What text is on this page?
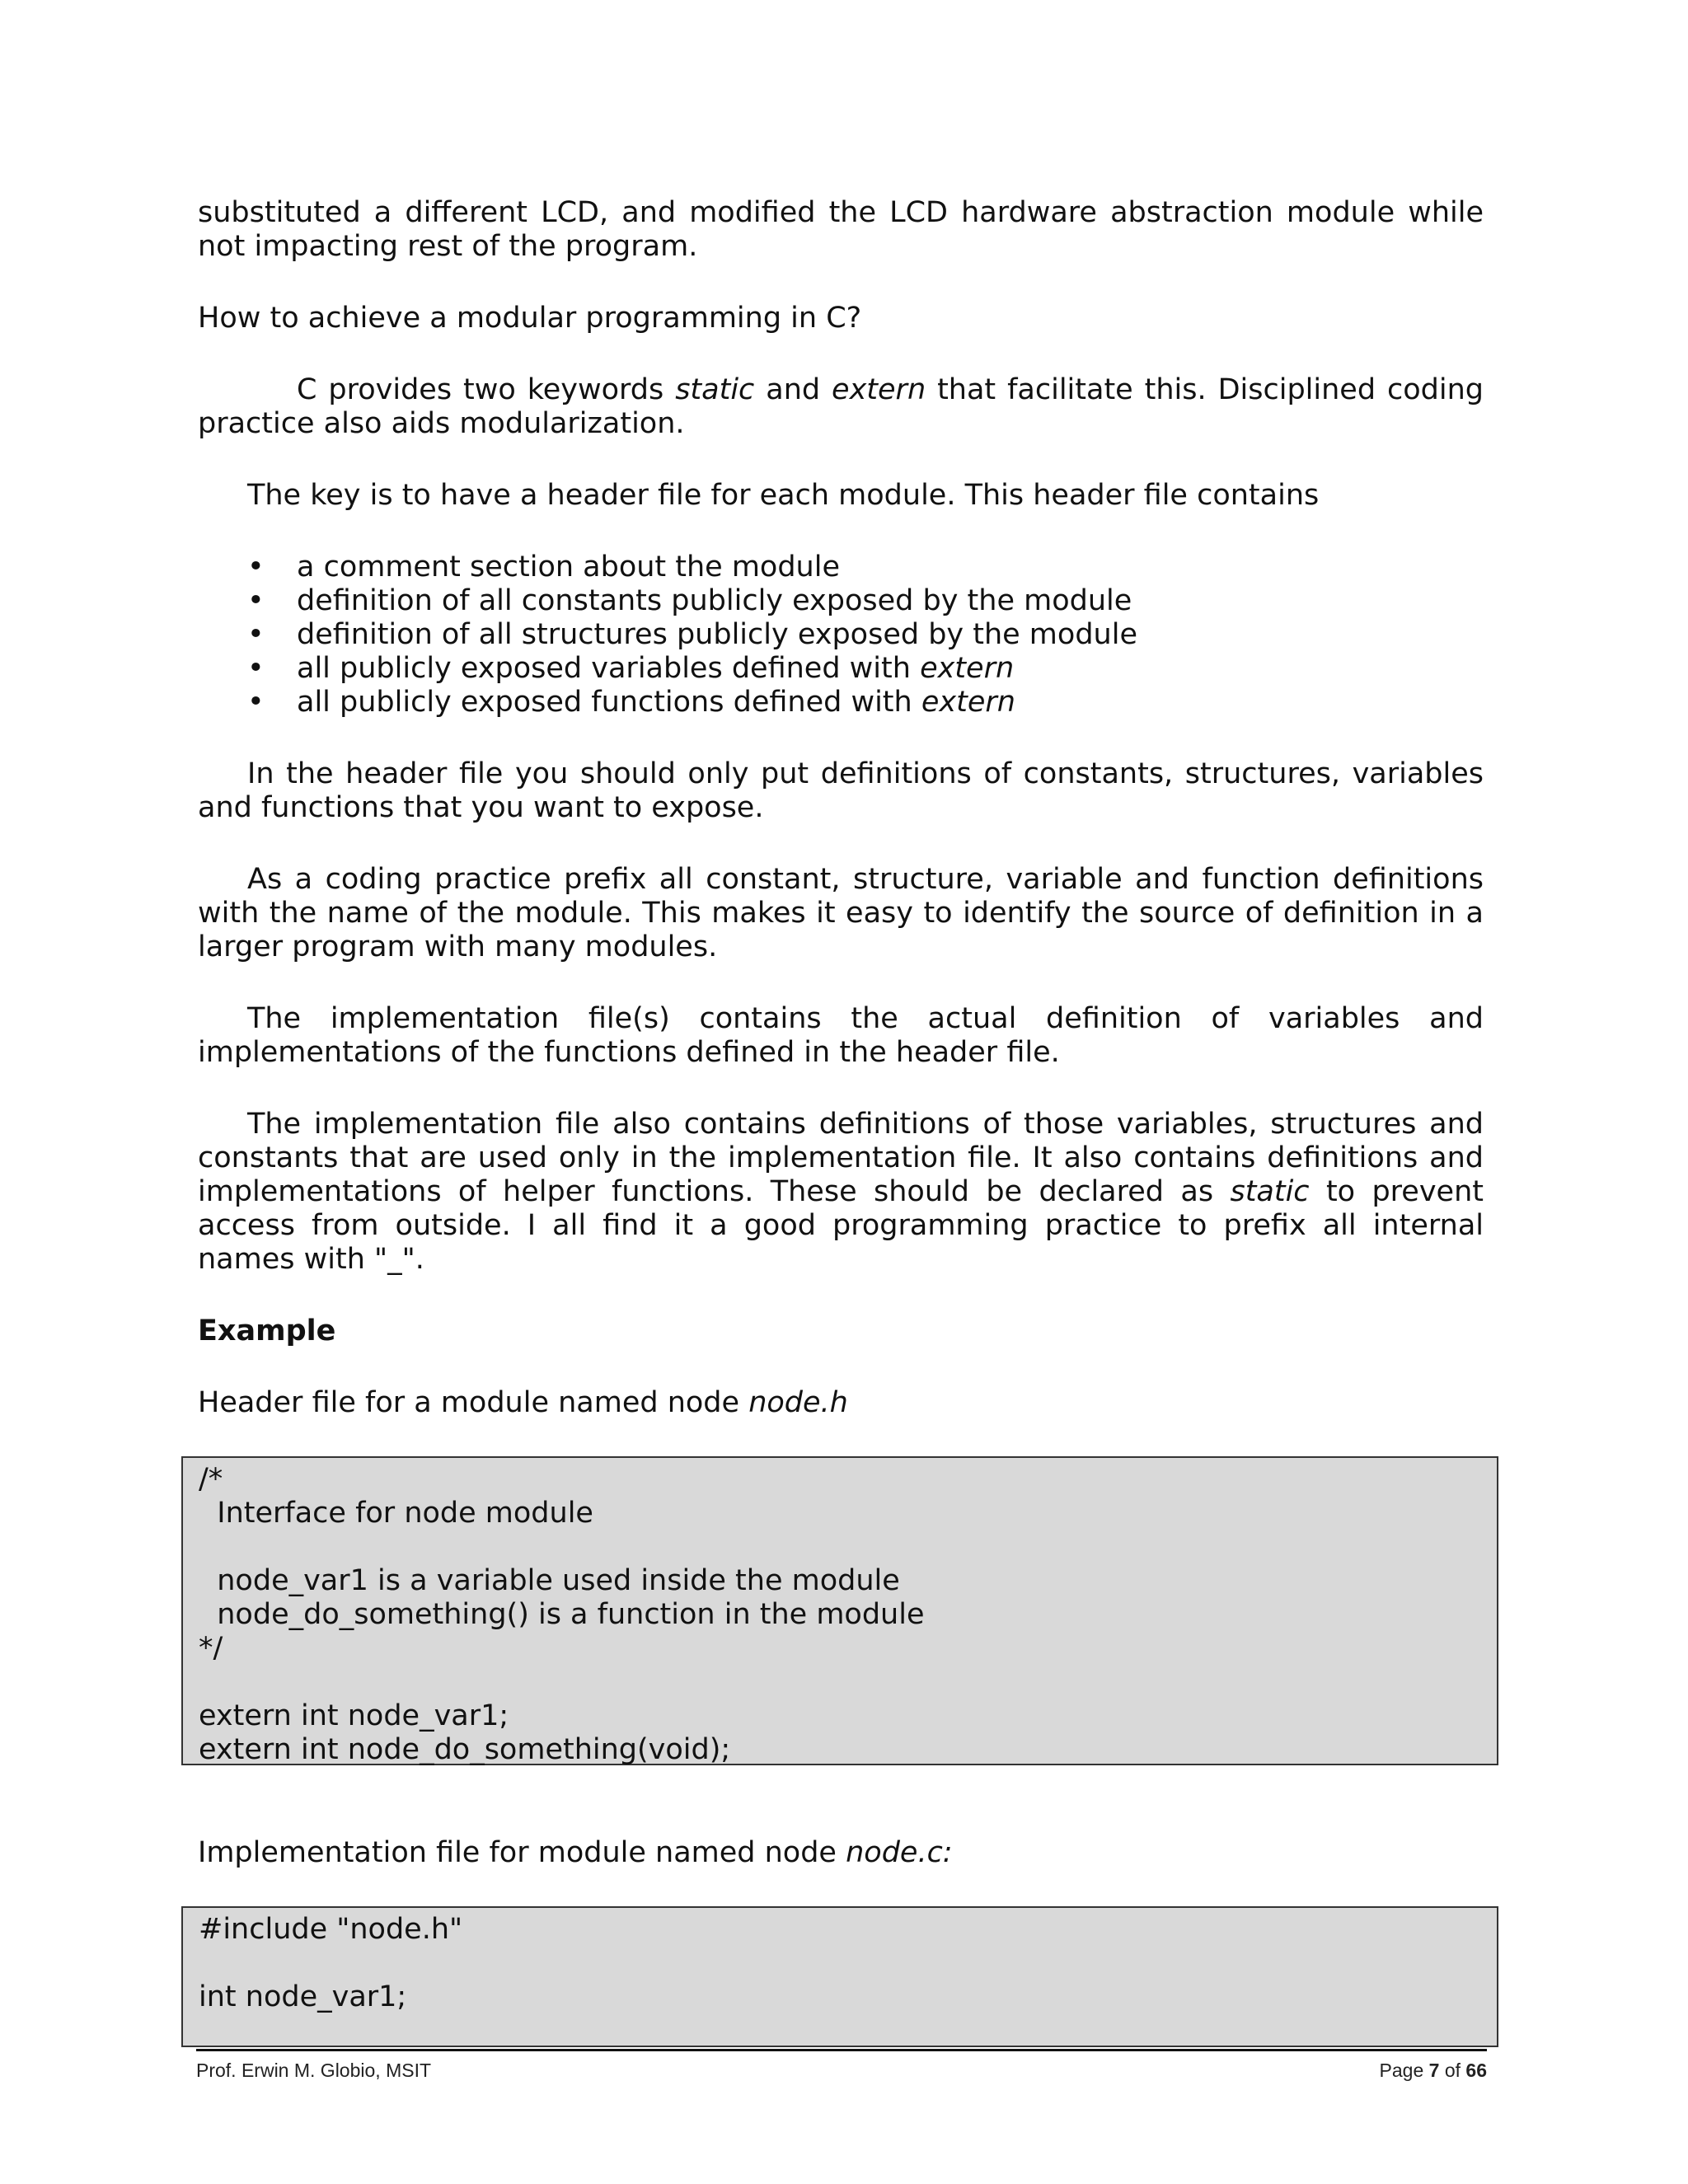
substituted a different LCD, and modified the LCD hardware abstraction module while not impacting rest of the program.

How to achieve a modular programming in C?

C provides two keywords static and extern that facilitate this. Disciplined coding practice also aids modularization.

The key is to have a header file for each module. This header file contains

• a comment section about the module
• definition of all constants publicly exposed by the module
• definition of all structures publicly exposed by the module
• all publicly exposed variables defined with extern
• all publicly exposed functions defined with extern

In the header file you should only put definitions of constants, structures, variables and functions that you want to expose.

As a coding practice prefix all constant, structure, variable and function definitions with the name of the module. This makes it easy to identify the source of definition in a larger program with many modules.

The implementation file(s) contains the actual definition of variables and implementations of the functions defined in the header file.

The implementation file also contains definitions of those variables, structures and constants that are used only in the implementation file. It also contains definitions and implementations of helper functions. These should be declared as static to prevent access from outside. I all find it a good programming practice to prefix all internal names with "_".

Example

Header file for a module named node node.h

/*
Interface for node module
node_var1 is a variable used inside the module
node_do_something() is a function in the module
*/
extern int node_var1;
extern int node_do_something(void);

Implementation file for module named node node.c:

#include "node.h"
int node_var1;
Prof. Erwin M. Globio, MSIT	Page 7 of 66
